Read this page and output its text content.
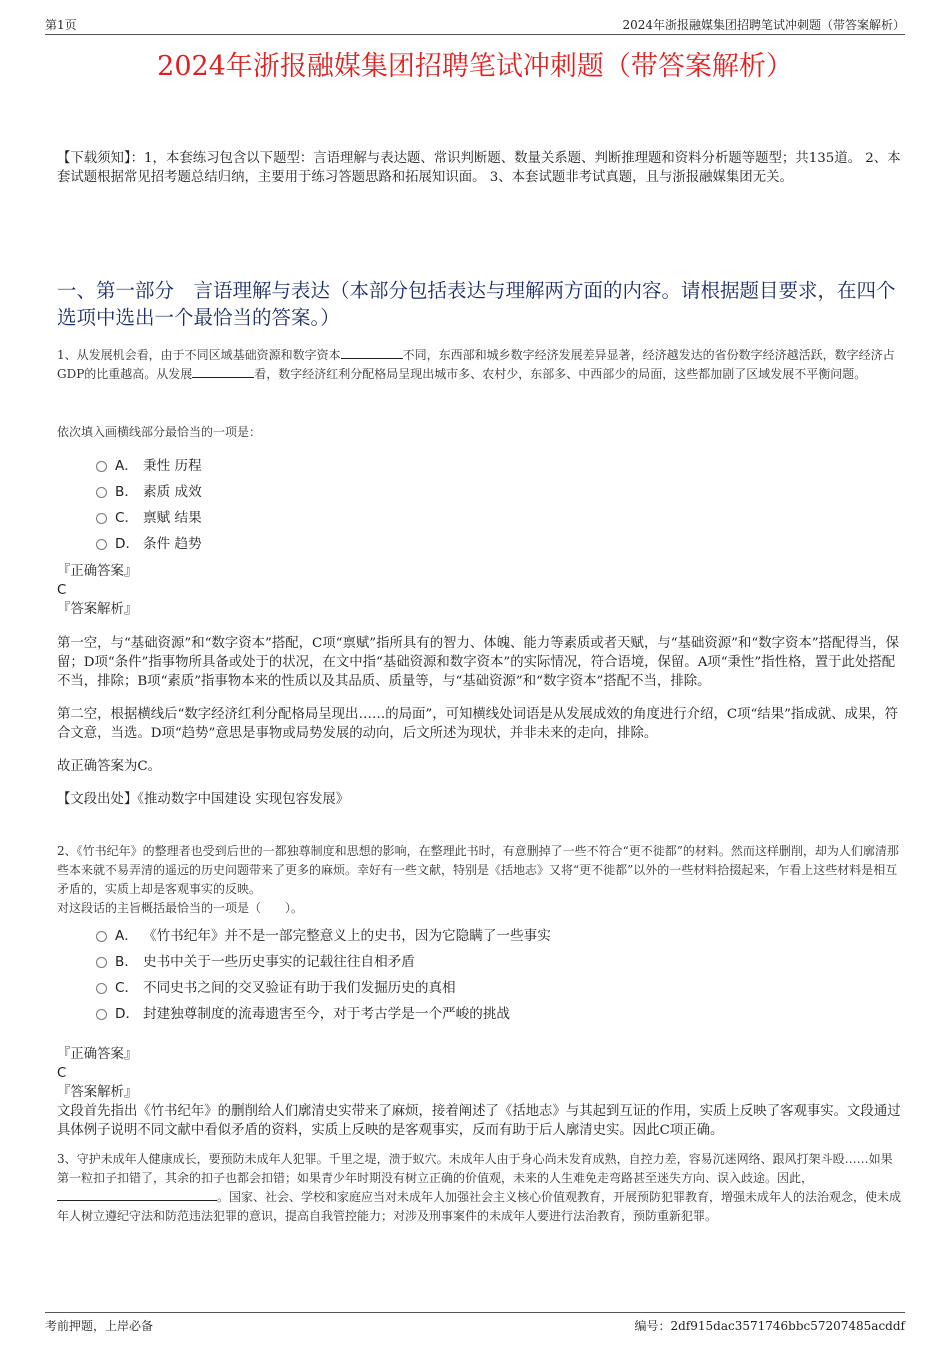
第1页	2024年浙报融媒集团招聘笔试冲刺题（带答案解析）
2024年浙报融媒集团招聘笔试冲刺题（带答案解析）
【下载须知】：1，本套练习包含以下题型：言语理解与表达题、常识判断题、数量关系题、判断推理题和资料分析题等题型；共135道。 2、本套试题根据常见招考题总结归纳，主要用于练习答题思路和拓展知识面。 3、本套试题非考试真题，且与浙报融媒集团无关。
一、第一部分　言语理解与表达（本部分包括表达与理解两方面的内容。请根据题目要求，在四个选项中选出一个最恰当的答案。）
1、从发展机会看，由于不同区域基础资源和数字资本	不同，东西部和城乡数字经济发展差异显著，经济越发达的省份数字经济越活跃，数字经济占GDP的比重越高。从发展	看，数字经济红利分配格局呈现出城市多、农村少，东部多、中西部少的局面，这些都加剧了区域发展不平衡问题。
依次填入画横线部分最恰当的一项是：
A． 秉性 历程
B． 素质 成效
C． 禀赋 结果
D． 条件 趋势
『正确答案』
C
『答案解析』

第一空，与“基础资源”和“数字资本”搭配，C项“禀赋”指所具有的智力、体魄、能力等素质或者天赋，与“基础资源”和“数字资本”搭配得当，保留；D项“条件”指事物所具备或处于的状况，在文中指“基础资源和数字资本”的实际情况，符合语境，保留。A项“秉性”指性格，置于此处搭配不当，排除；B项“素质”指事物本来的性质以及其品质、质量等，与“基础资源”和“数字资本”搭配不当，排除。

第二空，根据横线后“数字经济红利分配格局呈现出……的局面”，可知横线处词语是从发展成效的角度进行介绍，C项“结果”指成就、成果，符合文意，当选。D项“趋势”意思是事物或局势发展的动向，后文所述为现状，并非未来的走向，排除。

故正确答案为C。

【文段出处】《推动数字中国建设 实现包容发展》

2、《竹书纪年》的整理者也受到后世的一都独尊制度和思想的影响，在整理此书时，有意删掉了一些不符合“更不徙都”的材料。然而这样删削，却为人们廓清那些本来就不易弄清的遥远的历史问题带来了更多的麻烦。幸好有一些文献，特别是《括地志》又将“更不徙都”以外的一些材料拾掇起来，乍看上这些材料是相互矛盾的，实质上却是客观事实的反映。
对这段话的主旨概括最恰当的一项是（　　）。
A． 《竹书纪年》并不是一部完整意义上的史书，因为它隐瞒了一些事实
B． 史书中关于一些历史事实的记载往往自相矛盾
C． 不同史书之间的交叉验证有助于我们发掘历史的真相
D． 封建独尊制度的流毒遗害至今，对于考古学是一个严峻的挑战
『正确答案』
C
『答案解析』
文段首先指出《竹书纪年》的删削给人们廓清史实带来了麻烦，接着阐述了《括地志》与其起到互证的作用，实质上反映了客观事实。文段通过具体例子说明不同文献中看似矛盾的资料，实质上反映的是客观事实，反而有助于后人廓清史实。因此C项正确。
3、守护未成年人健康成长，要预防未成年人犯罪。千里之堤，溃于蚁穴。未成年人由于身心尚未发育成熟，自控力差，容易沉迷网络、跟风打架斗殴……如果第一粒扣子扣错了，其余的扣子也都会扣错；如果青少年时期没有树立正确的价值观，未来的人生难免走弯路甚至迷失方向、误入歧途。因此，。国家、社会、学校和家庭应当对未成年人加强社会主义核心价值观教育，开展预防犯罪教育，增强未成年人的法治观念，使未成年人树立遵纪守法和防范违法犯罪的意识，提高自我管控能力；对涉及刑事案件的未成年人要进行法治教育，预防重新犯罪。
考前押题，上岸必备	编号：2df915dac3571746bbc57207485acddf
